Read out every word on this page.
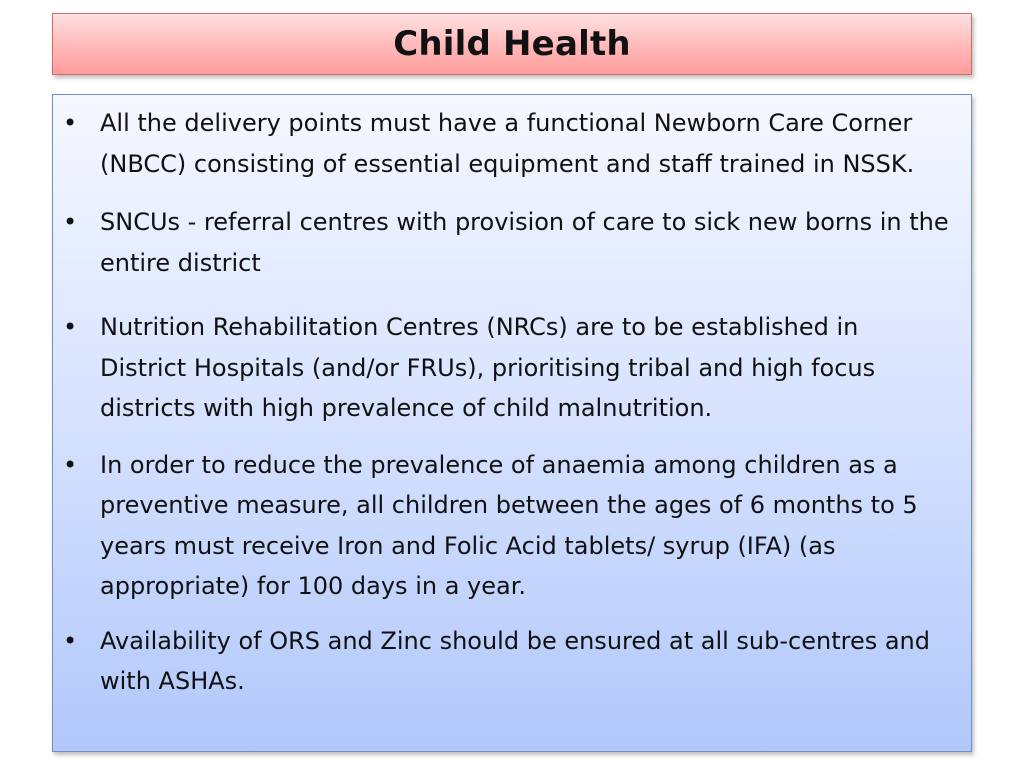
Child Health
• All the delivery points must have a functional Newborn Care Corner (NBCC) consisting of essential equipment and staff trained in NSSK.
• SNCUs - referral centres with provision of care to sick new borns in the entire district
• Nutrition Rehabilitation Centres (NRCs) are to be established in District Hospitals (and/or FRUs), prioritising tribal and high focus districts with high prevalence of child malnutrition.
• In order to reduce the prevalence of anaemia among children as a preventive measure, all children between the ages of 6 months to 5 years must receive Iron and Folic Acid tablets/ syrup (IFA) (as appropriate) for 100 days in a year.
• Availability of ORS and Zinc should be ensured at all sub-centres and with ASHAs.
